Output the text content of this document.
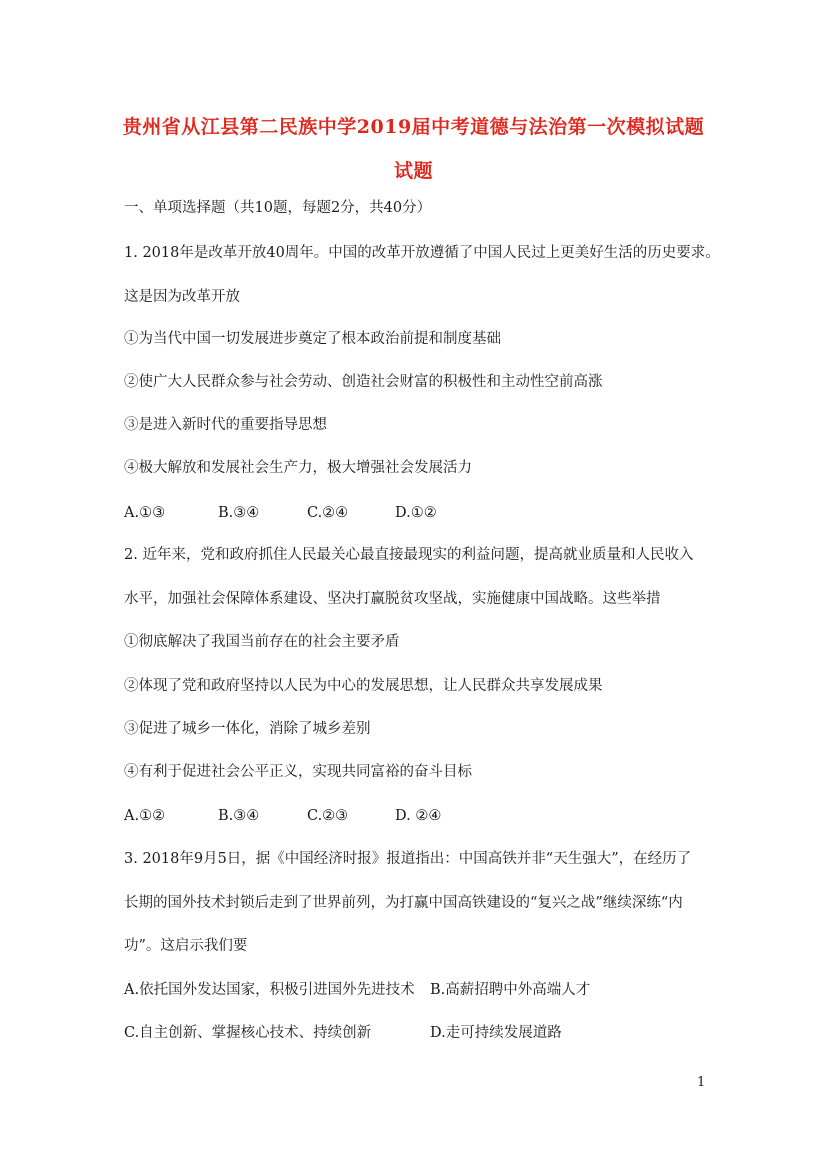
贵州省从江县第二民族中学2019届中考道德与法治第一次模拟试题
试题
一、单项选择题（共10题，每题2分，共40分）
1. 2018年是改革开放40周年。中国的改革开放遵循了中国人民过上更美好生活的历史要求。
这是因为改革开放
①为当代中国一切发展进步奠定了根本政治前提和制度基础
②使广大人民群众参与社会劳动、创造社会财富的积极性和主动性空前高涨
③是进入新时代的重要指导思想
④极大解放和发展社会生产力，极大增强社会发展活力
A.①③	B.③④	C.②④	D.①②
2. 近年来，党和政府抓住人民最关心最直接最现实的利益问题，提高就业质量和人民收入
水平，加强社会保障体系建设、坚决打赢脱贫攻坚战，实施健康中国战略。这些举措
①彻底解决了我国当前存在的社会主要矛盾
②体现了党和政府坚持以人民为中心的发展思想，让人民群众共享发展成果
③促进了城乡一体化，消除了城乡差别
④有利于促进社会公平正义，实现共同富裕的奋斗目标
A.①②	B.③④	C.②③	D. ②④
3. 2018年9月5日，据《中国经济时报》报道指出：中国高铁并非“天生强大”，在经历了
长期的国外技术封锁后走到了世界前列，为打赢中国高铁建设的“复兴之战”继续深练“内
功”。这启示我们要
A.依托国外发达国家，积极引进国外先进技术 B.高薪招聘中外高端人才
C.自主创新、掌握核心技术、持续创新	D.走可持续发展道路
1
